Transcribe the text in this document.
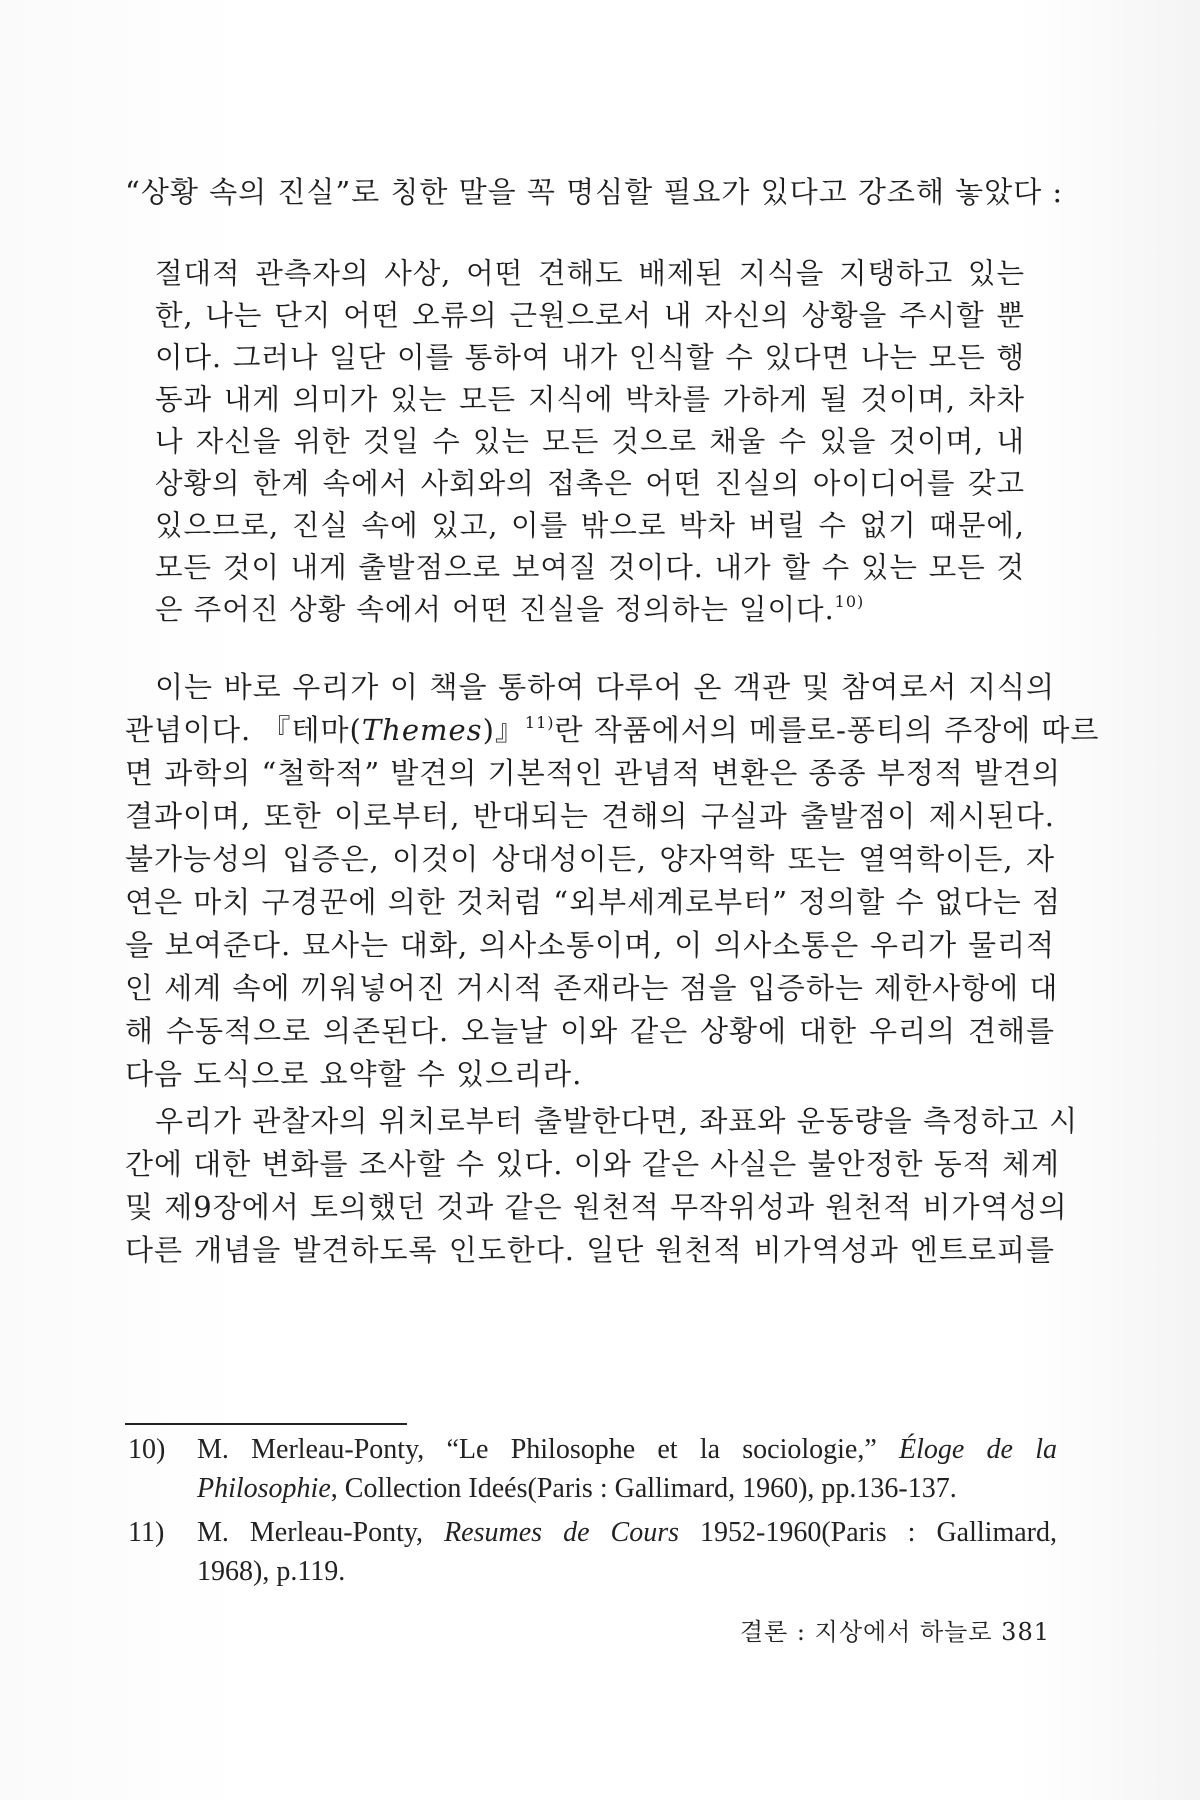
“상황 속의 진실”로 칭한 말을 꼭 명심할 필요가 있다고 강조해 놓았다 :
절대적 관측자의 사상, 어떤 견해도 배제된 지식을 지탱하고 있는
한, 나는 단지 어떤 오류의 근원으로서 내 자신의 상황을 주시할 뿐
이다. 그러나 일단 이를 통하여 내가 인식할 수 있다면 나는 모든 행
동과 내게 의미가 있는 모든 지식에 박차를 가하게 될 것이며, 차차
나 자신을 위한 것일 수 있는 모든 것으로 채울 수 있을 것이며, 내
상황의 한계 속에서 사회와의 접촉은 어떤 진실의 아이디어를 갖고
있으므로, 진실 속에 있고, 이를 밖으로 박차 버릴 수 없기 때문에,
모든 것이 내게 출발점으로 보여질 것이다. 내가 할 수 있는 모든 것
은 주어진 상황 속에서 어떤 진실을 정의하는 일이다.$^{10)}$
이는 바로 우리가 이 책을 통하여 다루어 온 객관 및 참여로서 지식의
관념이다. 『테마(Themes)』$^{11)}$란 작품에서의 메를로-퐁티의 주장에 따르
면 과학의 “철학적” 발견의 기본적인 관념적 변환은 종종 부정적 발견의
결과이며, 또한 이로부터, 반대되는 견해의 구실과 출발점이 제시된다.
불가능성의 입증은, 이것이 상대성이든, 양자역학 또는 열역학이든, 자
연은 마치 구경꾼에 의한 것처럼 “외부세계로부터” 정의할 수 없다는 점
을 보여준다. 묘사는 대화, 의사소통이며, 이 의사소통은 우리가 물리적
인 세계 속에 끼워넣어진 거시적 존재라는 점을 입증하는 제한사항에 대
해 수동적으로 의존된다. 오늘날 이와 같은 상황에 대한 우리의 견해를
다음 도식으로 요약할 수 있으리라.
우리가 관찰자의 위치로부터 출발한다면, 좌표와 운동량을 측정하고 시
간에 대한 변화를 조사할 수 있다. 이와 같은 사실은 불안정한 동적 체계
및 제9장에서 토의했던 것과 같은 원천적 무작위성과 원천적 비가역성의
다른 개념을 발견하도록 인도한다. 일단 원천적 비가역성과 엔트로피를
10)	M. Merleau-Ponty, “Le Philosophe et la sociologie,” Éloge de la
Philosophie, Collection Ideés(Paris : Gallimard, 1960), pp.136-137.
11)	M. Merleau-Ponty, Resumes de Cours 1952-1960(Paris : Gallimard,
1968), p.119.
결론 : 지상에서 하늘로 381
